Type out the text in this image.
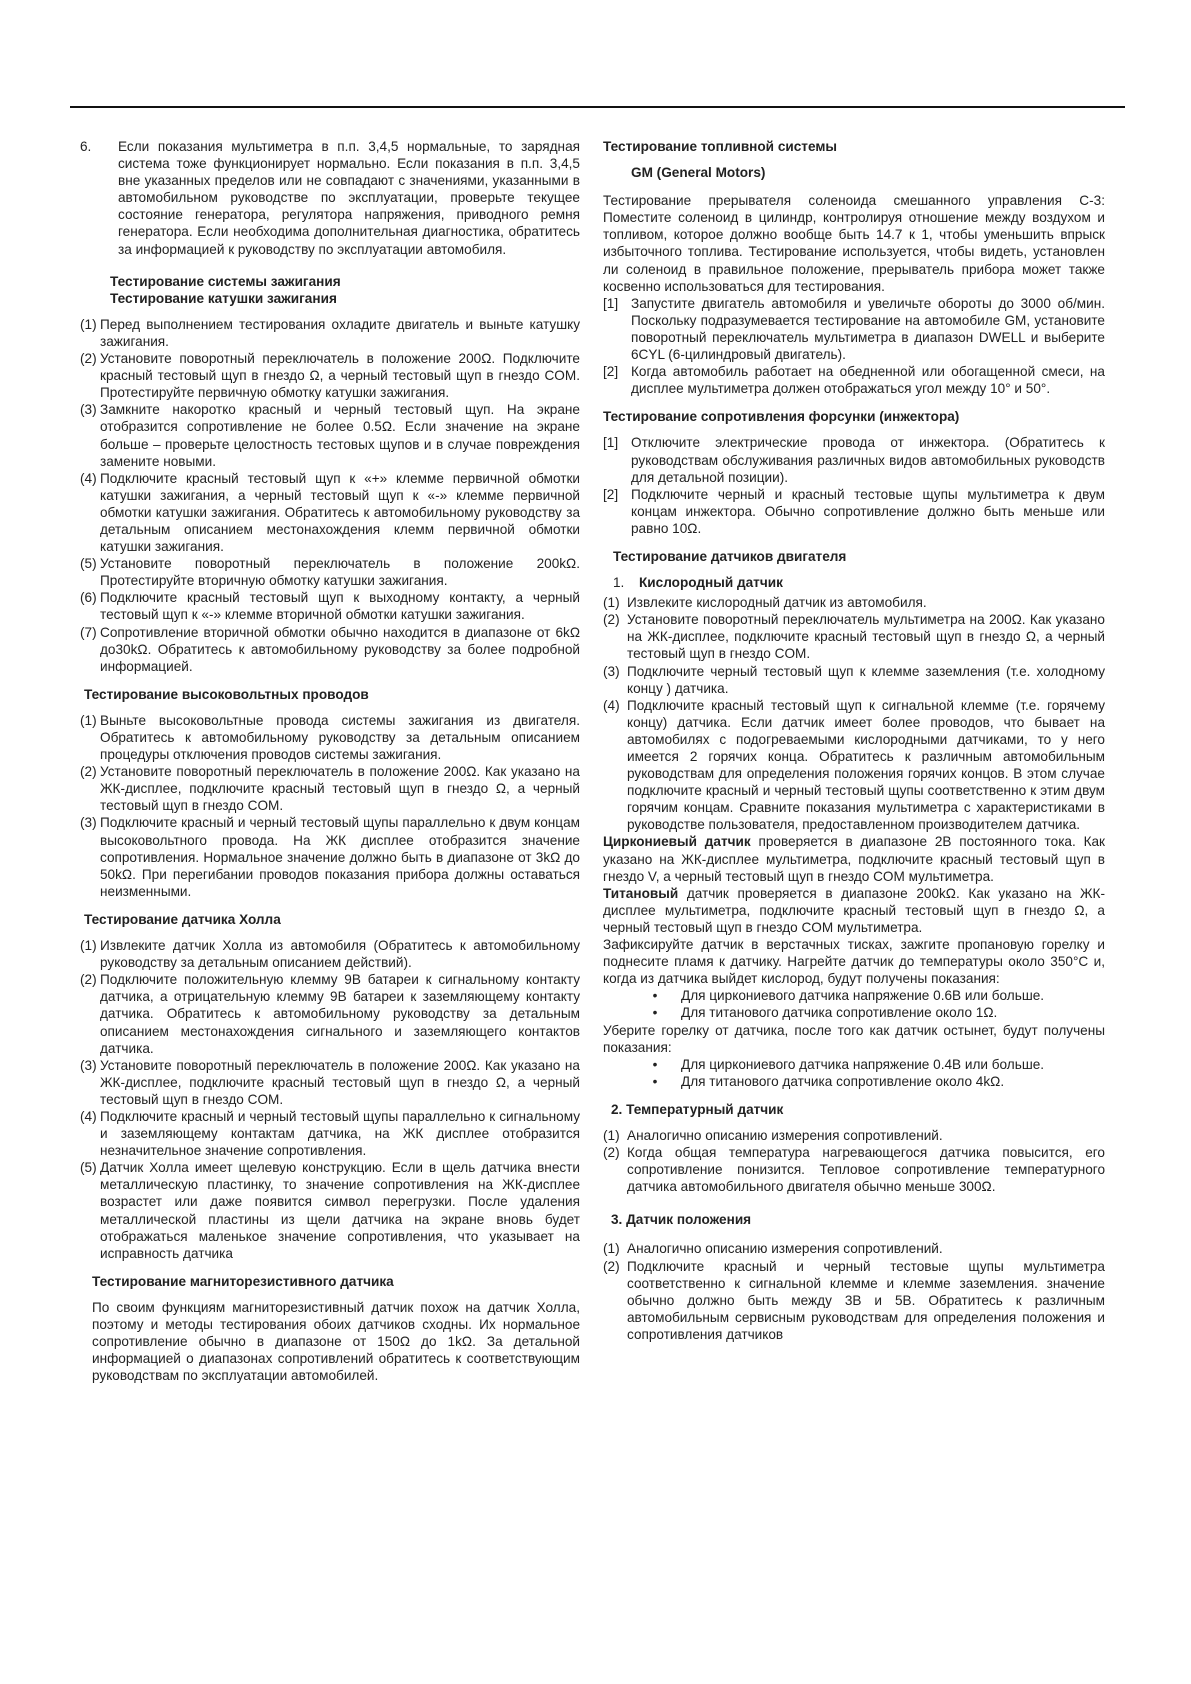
6.	Если показания мультиметра в п.п. 3,4,5 нормальные, то зарядная система тоже функционирует нормально. Если показания в п.п. 3,4,5 вне указанных пределов или не совпадают с значениями, указанными в автомобильном руководстве по эксплуатации, проверьте текущее состояние генератора, регулятора напряжения, приводного ремня генератора. Если необходима дополнительная диагностика, обратитесь за информацией к руководству по эксплуатации автомобиля.

Тестирование системы зажигания

Тестирование катушки зажигания

(1) Перед выполнением тестирования охладите двигатель и выньте катушку зажигания.
(2) Установите поворотный переключатель в положение 200Ω. Подключите красный тестовый щуп в гнездо Ω, а черный тестовый щуп в гнездо COM. Протестируйте первичную обмотку катушки зажигания.
(3) Замкните накоротко красный и черный тестовый щуп. На экране отобразится сопротивление не более 0.5Ω. Если значение на экране больше – проверьте целостность тестовых щупов и в случае повреждения замените новыми.
(4) Подключите красный тестовый щуп к «+» клемме первичной обмотки катушки зажигания, а черный тестовый щуп к «-» клемме первичной обмотки катушки зажигания. Обратитесь к автомобильному руководству за детальным описанием местонахождения клемм первичной обмотки катушки зажигания.
(5) Установите поворотный переключатель в положение 200kΩ. Протестируйте вторичную обмотку катушки зажигания.
(6) Подключите красный тестовый щуп к выходному контакту, а черный тестовый щуп к «-» клемме вторичной обмотки катушки зажигания.
(7) Сопротивление вторичной обмотки обычно находится в диапазоне от 6kΩ до30kΩ. Обратитесь к автомобильному руководству за более подробной информацией.

Тестирование высоковольтных проводов

(1) Выньте высоковольтные провода системы зажигания из двигателя. Обратитесь к автомобильному руководству за детальным описанием процедуры отключения проводов системы зажигания.
(2) Установите поворотный переключатель в положение 200Ω. Как указано на ЖК-дисплее, подключите красный тестовый щуп в гнездо Ω, а черный тестовый щуп в гнездо COM.
(3) Подключите красный и черный тестовый щупы параллельно к двум концам высоковольтного провода. На ЖК дисплее отобразится значение сопротивления. Нормальное значение должно быть в диапазоне от 3kΩ до 50kΩ. При перегибании проводов показания прибора должны оставаться неизменными.

Тестирование датчика Холла

(1) Извлеките датчик Холла из автомобиля (Обратитесь к автомобильному руководству за детальным описанием действий).
(2) Подключите положительную клемму 9В батареи к сигнальному контакту датчика, а отрицательную клемму 9В батареи к заземляющему контакту датчика. Обратитесь к автомобильному руководству за детальным описанием местонахождения сигнального и заземляющего контактов датчика.
(3) Установите поворотный переключатель в положение 200Ω. Как указано на ЖК-дисплее, подключите красный тестовый щуп в гнездо Ω, а черный тестовый щуп в гнездо COM.
(4) Подключите красный и черный тестовый щупы параллельно к сигнальному и заземляющему контактам датчика, на ЖК дисплее отобразится незначительное значение сопротивления.
(5) Датчик Холла имеет щелевую конструкцию. Если в щель датчика внести металлическую пластинку, то значение сопротивления на ЖК-дисплее возрастет или даже появится символ перегрузки. После удаления металлической пластины из щели датчика на экране вновь будет отображаться маленькое значение сопротивления, что указывает на исправность датчика

Тестирование магниторезистивного датчика

По своим функциям магниторезистивный датчик похож на датчик Холла, поэтому и методы тестирования обоих датчиков сходны. Их нормальное сопротивление обычно в диапазоне от 150Ω до 1kΩ. За детальной информацией о диапазонах сопротивлений обратитесь к соответствующим руководствам по эксплуатации автомобилей.

Тестирование топливной системы

GM (General Motors)

Тестирование прерывателя соленоида смешанного управления С-3: Поместите соленоид в цилиндр, контролируя отношение между воздухом и топливом, которое должно вообще быть 14.7 к 1, чтобы уменьшить впрыск избыточного топлива. Тестирование используется, чтобы видеть, установлен ли соленоид в правильное положение, прерыватель прибора может также косвенно использоваться для тестирования.

[1] Запустите двигатель автомобиля и увеличьте обороты до 3000 об/мин. Поскольку подразумевается тестирование на автомобиле GM, установите поворотный переключатель мультиметра в диапазон DWELL и выберите 6CYL (6-цилиндровый двигатель).
[2] Когда автомобиль работает на обедненной или обогащенной смеси, на дисплее мультиметра должен отображаться угол между 10° и 50°.

Тестирование сопротивления форсунки (инжектора)

[1] Отключите электрические провода от инжектора. (Обратитесь к руководствам обслуживания различных видов автомобильных руководств для детальной позиции).
[2] Подключите черный и красный тестовые щупы мультиметра к двум концам инжектора. Обычно сопротивление должно быть меньше или равно 10Ω.

Тестирование датчиков двигателя

1.	Кислородный датчик
(1) Извлеките кислородный датчик из автомобиля.
(2) Установите поворотный переключатель мультиметра на 200Ω. Как указано на ЖК-дисплее, подключите красный тестовый щуп в гнездо Ω, а черный тестовый щуп в гнездо COM.
(3) Подключите черный тестовый щуп к клемме заземления (т.е. холодному концу ) датчика.
(4) Подключите красный тестовый щуп к сигнальной клемме (т.е. горячему концу) датчика. Если датчик имеет более проводов, что бывает на автомобилях с подогреваемыми кислородными датчиками, то у него имеется 2 горячих конца. Обратитесь к различным автомобильным руководствам для определения положения горячих концов. В этом случае подключите красный и черный тестовый щупы соответственно к этим двум горячим концам. Сравните показания мультиметра с характеристиками в руководстве пользователя, предоставленном производителем датчика.

Циркониевый датчик проверяется в диапазоне 2В постоянного тока. Как указано на ЖК-дисплее мультиметра, подключите красный тестовый щуп в гнездо V, а черный тестовый щуп в гнездо COM мультиметра.

Титановый датчик проверяется в диапазоне 200kΩ. Как указано на ЖК-дисплее мультиметра, подключите красный тестовый щуп в гнездо Ω, а черный тестовый щуп в гнездо COM мультиметра.

Зафиксируйте датчик в верстачных тисках, зажгите пропановую горелку и поднесите пламя к датчику. Нагрейте датчик до температуры около 350°С и, когда из датчика выйдет кислород, будут получены показания:

•	Для циркониевого датчика напряжение 0.6В или больше.
•	Для титанового датчика сопротивление около 1Ω.

Уберите горелку от датчика, после того как датчик остынет, будут получены показания:

•	Для циркониевого датчика напряжение 0.4В или больше.
•	Для титанового датчика сопротивление около 4kΩ.

2. Температурный датчик

(1) Аналогично описанию измерения сопротивлений.
(2) Когда общая температура нагревающегося датчика повысится, его сопротивление понизится. Тепловое сопротивление температурного датчика автомобильного двигателя обычно меньше 300Ω.

3. Датчик положения

(1) Аналогично описанию измерения сопротивлений.
(2) Подключите красный и черный тестовые щупы мультиметра соответственно к сигнальной клемме и клемме заземления. значение обычно должно быть между 3В и 5В. Обратитесь к различным автомобильным сервисным руководствам для определения положения и сопротивления датчиков
